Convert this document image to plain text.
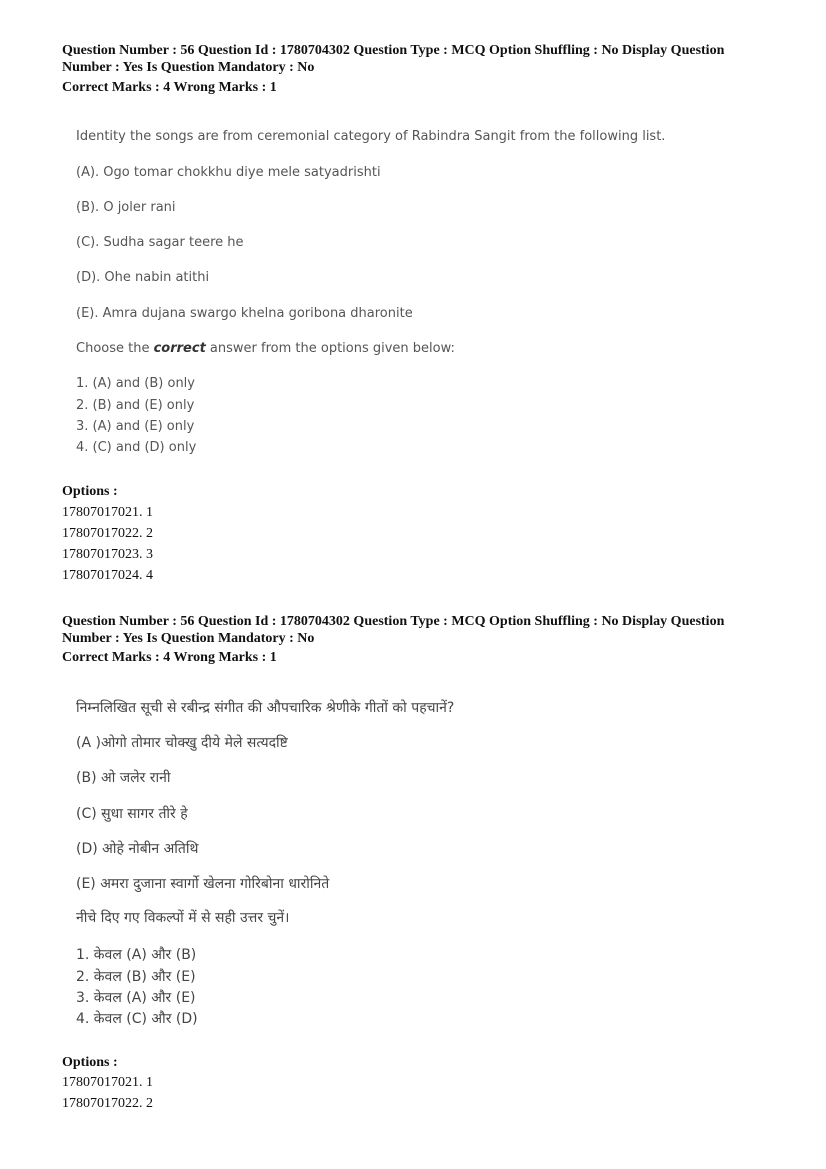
Question Number : 56 Question Id : 1780704302 Question Type : MCQ Option Shuffling : No Display Question
Number : Yes Is Question Mandatory : No
Correct Marks : 4 Wrong Marks : 1
Identity the songs are from ceremonial category of Rabindra Sangit from the following list.
(A). Ogo tomar chokkhu diye mele satyadrishti
(B). O joler rani
(C). Sudha sagar teere he
(D). Ohe nabin atithi
(E). Amra dujana swargo khelna goribona dharonite
Choose the correct answer from the options given below:
1. (A) and (B) only
2. (B) and (E) only
3. (A) and (E) only
4. (C) and (D) only
Options :
17807017021. 1
17807017022. 2
17807017023. 3
17807017024. 4
Question Number : 56 Question Id : 1780704302 Question Type : MCQ Option Shuffling : No Display Question
Number : Yes Is Question Mandatory : No
Correct Marks : 4 Wrong Marks : 1
निम्नलिखित सूची से रबीन्द्र संगीत की औपचारिक श्रेणीके गीतों को पहचानें?
(A )ओगो तोमार चोक्खु दीये मेले सत्यदष्टि
(B) ओ जलेर रानी
(C) सुधा सागर तीरे हे
(D) ओहे नोबीन अतिथि
(E) अमरा दुजाना स्वार्गो खेलना गोरिबोना धारोनिते
नीचे दिए गए विकल्पों में से सही उत्तर चुनें।
1. केवल (A) और (B)
2. केवल (B) और (E)
3. केवल (A) और (E)
4. केवल (C) और (D)
Options :
17807017021. 1
17807017022. 2
